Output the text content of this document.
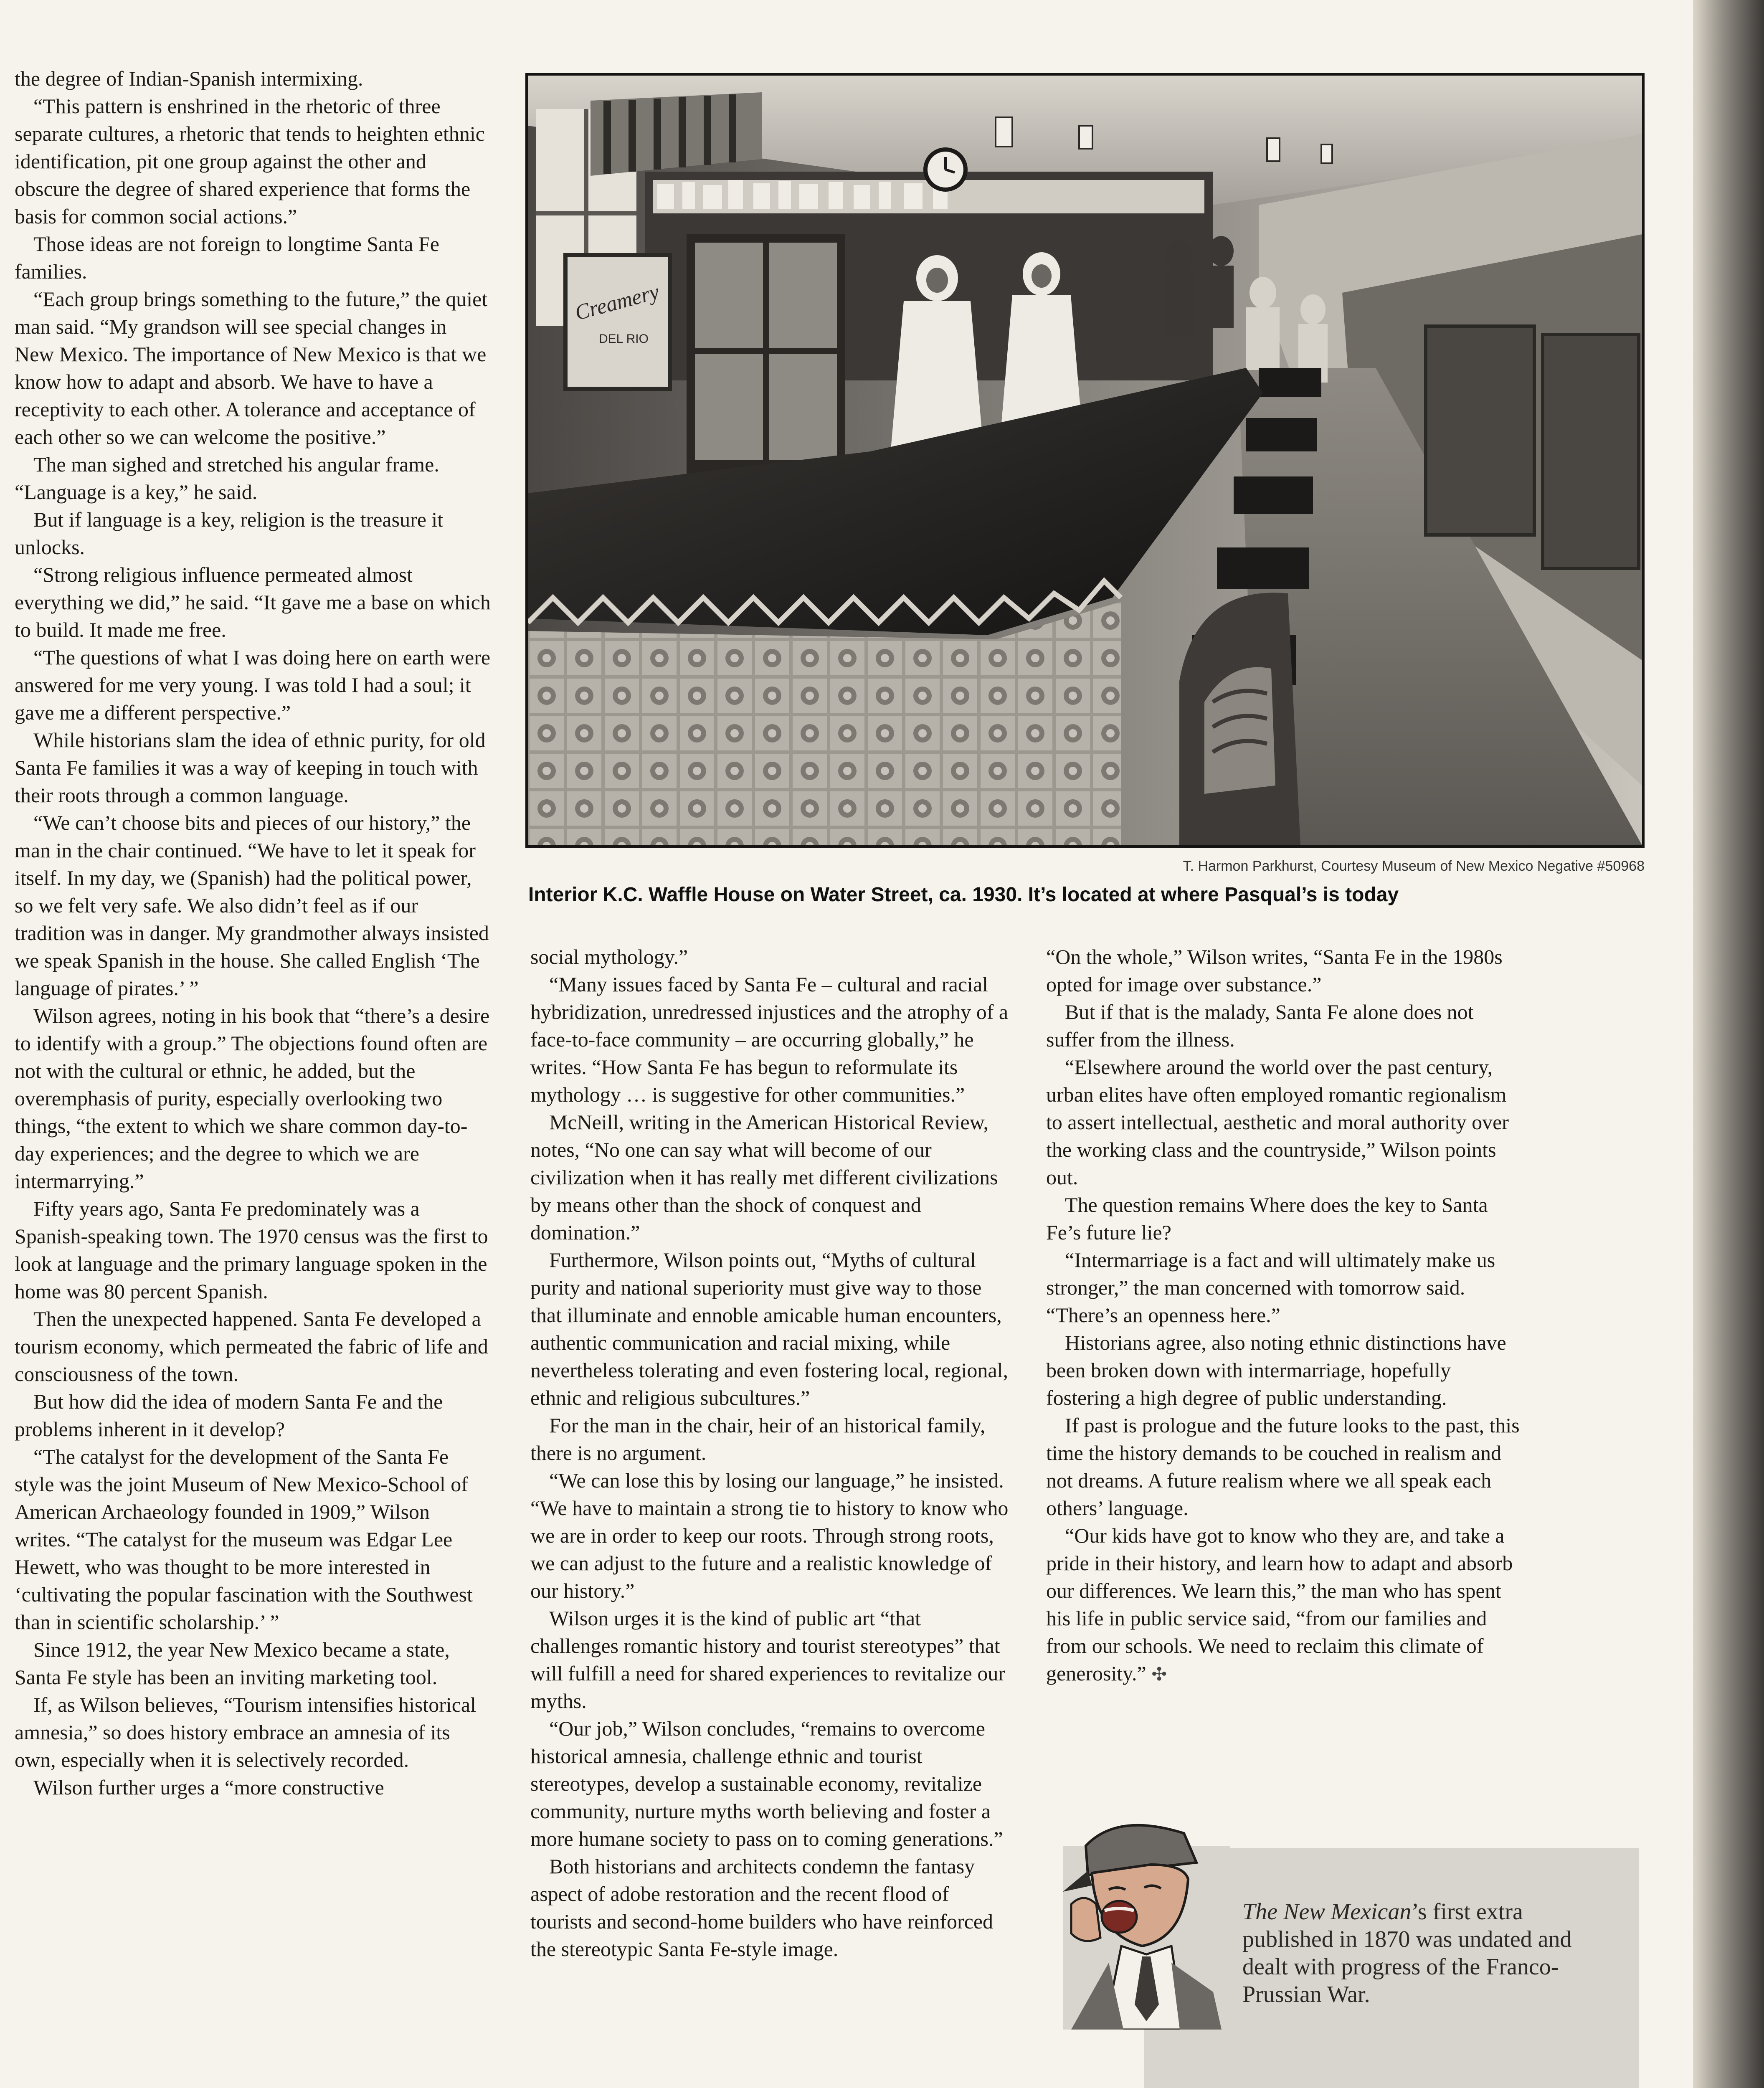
the degree of Indian-Spanish intermixing.

“This pattern is enshrined in the rhetoric of three separate cultures, a rhetoric that tends to heighten ethnic identification, pit one group against the other and obscure the degree of shared experience that forms the basis for common social actions.”

Those ideas are not foreign to longtime Santa Fe families.

“Each group brings something to the future,” the quiet man said. “My grandson will see special changes in New Mexico. The importance of New Mexico is that we know how to adapt and absorb. We have to have a receptivity to each other. A tolerance and acceptance of each other so we can welcome the positive.”

The man sighed and stretched his angular frame. “Language is a key,” he said.

But if language is a key, religion is the treasure it unlocks.

“Strong religious influence permeated almost everything we did,” he said. “It gave me a base on which to build. It made me free.

“The questions of what I was doing here on earth were answered for me very young. I was told I had a soul; it gave me a different perspective.”

While historians slam the idea of ethnic purity, for old Santa Fe families it was a way of keeping in touch with their roots through a common language.

“We can’t choose bits and pieces of our history,” the man in the chair continued. “We have to let it speak for itself. In my day, we (Spanish) had the political power, so we felt very safe. We also didn’t feel as if our tradition was in danger. My grandmother always insisted we speak Spanish in the house. She called English ‘The language of pirates.’ ”

Wilson agrees, noting in his book that “there’s a desire to identify with a group.” The objections found often are not with the cultural or ethnic, he added, but the overemphasis of purity, especially overlooking two things, “the extent to which we share common day-to-day experiences; and the degree to which we are intermarrying.”

Fifty years ago, Santa Fe predominately was a Spanish-speaking town. The 1970 census was the first to look at language and the primary language spoken in the home was 80 percent Spanish.

Then the unexpected happened. Santa Fe developed a tourism economy, which permeated the fabric of life and consciousness of the town.

But how did the idea of modern Santa Fe and the problems inherent in it develop?

“The catalyst for the development of the Santa Fe style was the joint Museum of New Mexico-School of American Archaeology founded in 1909,” Wilson writes. “The catalyst for the museum was Edgar Lee Hewett, who was thought to be more interested in ‘cultivating the popular fascination with the Southwest than in scientific scholarship.’ ”

Since 1912, the year New Mexico became a state, Santa Fe style has been an inviting marketing tool.

If, as Wilson believes, “Tourism intensifies historical amnesia,” so does history embrace an amnesia of its own, especially when it is selectively recorded.

Wilson further urges a “more constructive

Creamery
DEL RIO
T. Harmon Parkhurst, Courtesy Museum of New Mexico Negative #50968
Interior K.C. Waffle House on Water Street, ca. 1930. It’s located at where Pasqual’s is today

social mythology.”

“Many issues faced by Santa Fe – cultural and racial hybridization, unredressed injustices and the atrophy of a face-to-face community – are occurring globally,” he writes. “How Santa Fe has begun to reformulate its mythology … is suggestive for other communities.”

McNeill, writing in the American Historical Review, notes, “No one can say what will become of our civilization when it has really met different civilizations by means other than the shock of conquest and domination.”

Furthermore, Wilson points out, “Myths of cultural purity and national superiority must give way to those that illuminate and ennoble amicable human encounters, authentic communication and racial mixing, while nevertheless tolerating and even fostering local, regional, ethnic and religious subcultures.”

For the man in the chair, heir of an historical family, there is no argument.

“We can lose this by losing our language,” he insisted. “We have to maintain a strong tie to history to know who we are in order to keep our roots. Through strong roots, we can adjust to the future and a realistic knowledge of our history.”

Wilson urges it is the kind of public art “that challenges romantic history and tourist stereotypes” that will fulfill a need for shared experiences to revitalize our myths.

“Our job,” Wilson concludes, “remains to overcome historical amnesia, challenge ethnic and tourist stereotypes, develop a sustainable economy, revitalize community, nurture myths worth believing and foster a more humane society to pass on to coming generations.”

Both historians and architects condemn the fantasy aspect of adobe restoration and the recent flood of tourists and second-home builders who have reinforced the stereotypic Santa Fe-style image.

“On the whole,” Wilson writes, “Santa Fe in the 1980s opted for image over substance.”

But if that is the malady, Santa Fe alone does not suffer from the illness.

“Elsewhere around the world over the past century, urban elites have often employed romantic regionalism to assert intellectual, aesthetic and moral authority over the working class and the countryside,” Wilson points out.

The question remains Where does the key to Santa Fe’s future lie?

“Intermarriage is a fact and will ultimately make us stronger,” the man concerned with tomorrow said. “There’s an openness here.”

Historians agree, also noting ethnic distinctions have been broken down with intermarriage, hopefully fostering a high degree of public understanding.

If past is prologue and the future looks to the past, this time the history demands to be couched in realism and not dreams. A future realism where we all speak each others’ language.

“Our kids have got to know who they are, and take a pride in their history, and learn how to adapt and absorb our differences. We learn this,” the man who has spent his life in public service said, “from our families and from our schools. We need to reclaim this climate of generosity.” ✣

The New Mexican’s first extra published in 1870 was undated and dealt with progress of the Franco-Prussian War.
